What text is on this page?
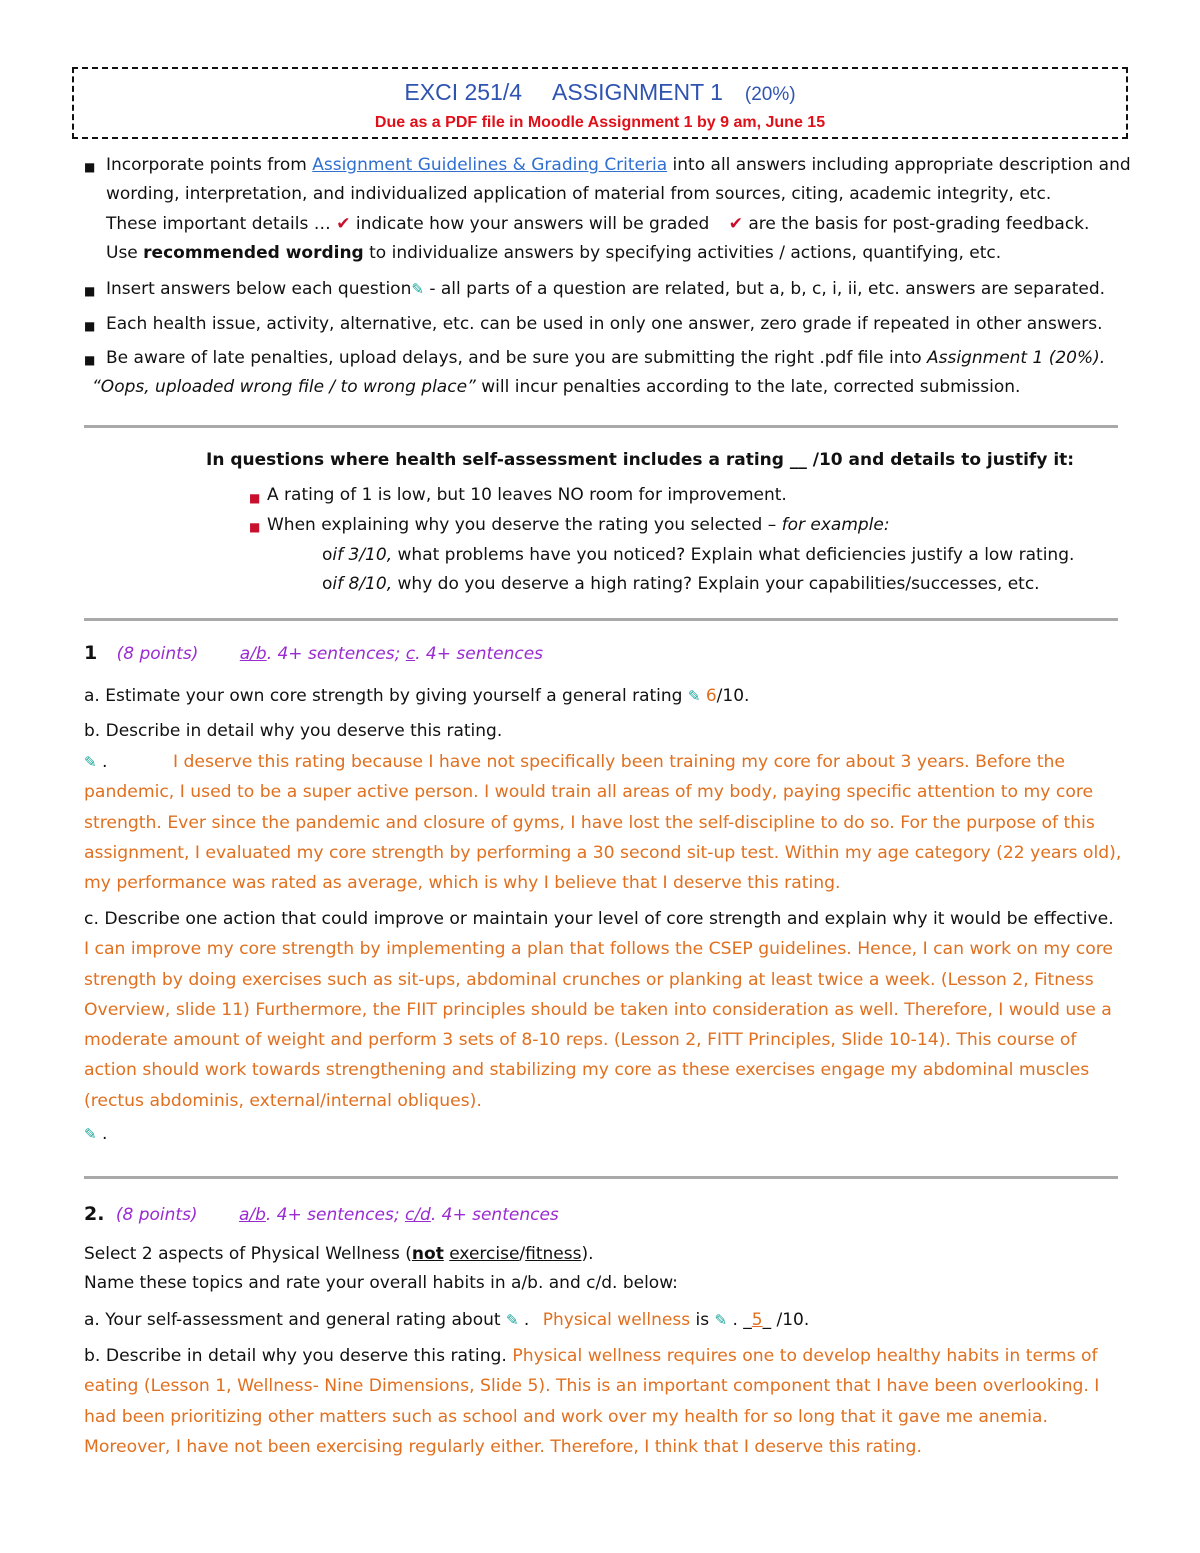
EXCI 251/4 ASSIGNMENT 1 (20%)
Due as a PDF file in Moodle Assignment 1 by 9 am, June 15
■ Incorporate points from Assignment Guidelines & Grading Criteria into all answers including appropriate description and
wording, interpretation, and individualized application of material from sources, citing, academic integrity, etc.
These important details … ✔ indicate how your answers will be graded ✔ are the basis for post-grading feedback.
Use recommended wording to individualize answers by specifying activities / actions, quantifying, etc.
■ Insert answers below each question✎ - all parts of a question are related, but a, b, c, i, ii, etc. answers are separated.
■ Each health issue, activity, alternative, etc. can be used in only one answer, zero grade if repeated in other answers.
■ Be aware of late penalties, upload delays, and be sure you are submitting the right .pdf file into Assignment 1 (20%).
“Oops, uploaded wrong file / to wrong place” will incur penalties according to the late, corrected submission.
In questions where health self-assessment includes a rating __ /10 and details to justify it:
■ A rating of 1 is low, but 10 leaves NO room for improvement.
■ When explaining why you deserve the rating you selected – for example:
oif 3/10, what problems have you noticed? Explain what deficiencies justify a low rating.
oif 8/10, why do you deserve a high rating? Explain your capabilities/successes, etc.
1 (8 points) a/b. 4+ sentences; c. 4+ sentences
a. Estimate your own core strength by giving yourself a general rating ✎ 6/10.
b. Describe in detail why you deserve this rating.
✎ .	I deserve this rating because I have not specifically been training my core for about 3 years. Before the pandemic, I used to be a super active person. I would train all areas of my body, paying specific attention to my core strength. Ever since the pandemic and closure of gyms, I have lost the self-discipline to do so. For the purpose of this assignment, I evaluated my core strength by performing a 30 second sit-up test. Within my age category (22 years old), my performance was rated as average, which is why I believe that I deserve this rating.
c. Describe one action that could improve or maintain your level of core strength and explain why it would be effective. I can improve my core strength by implementing a plan that follows the CSEP guidelines. Hence, I can work on my core strength by doing exercises such as sit-ups, abdominal crunches or planking at least twice a week. (Lesson 2, Fitness Overview, slide 11) Furthermore, the FIIT principles should be taken into consideration as well. Therefore, I would use a moderate amount of weight and perform 3 sets of 8-10 reps. (Lesson 2, FITT Principles, Slide 10-14). This course of action should work towards strengthening and stabilizing my core as these exercises engage my abdominal muscles (rectus abdominis, external/internal obliques).
✎ .
2. (8 points) a/b. 4+ sentences; c/d. 4+ sentences
Select 2 aspects of Physical Wellness (not exercise/fitness).
Name these topics and rate your overall habits in a/b. and c/d. below:
a. Your self-assessment and general rating about ✎ . Physical wellness is ✎ . _5_ /10.
b. Describe in detail why you deserve this rating. Physical wellness requires one to develop healthy habits in terms of eating (Lesson 1, Wellness- Nine Dimensions, Slide 5). This is an important component that I have been overlooking. I had been prioritizing other matters such as school and work over my health for so long that it gave me anemia. Moreover, I have not been exercising regularly either. Therefore, I think that I deserve this rating.
